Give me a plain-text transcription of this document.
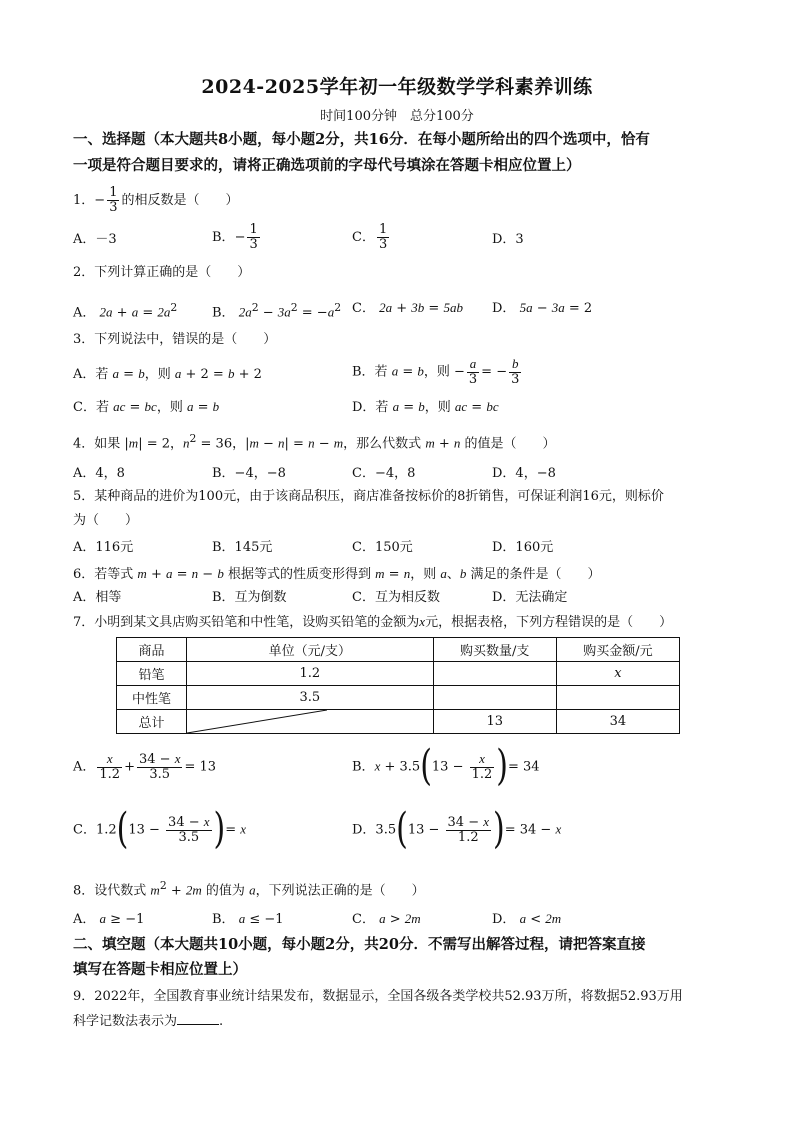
2024-2025学年初一年级数学学科素养训练
时间100分钟　总分100分
一、选择题（本大题共8小题，每小题2分，共16分．在每小题所给出的四个选项中，恰有
一项是符合题目要求的，请将正确选项前的字母代号填涂在答题卡相应位置上）
1．− $\frac{1}{3}$ 的相反数是（　　）
A．－3	B．− $\frac{1}{3}$	C． $\frac{1}{3}$	D．3
2．下列计算正确的是（　　）
A． $2a + a = 2a^2$	B． $2a^2 - 3a^2 = -a^2$ C． 2a + 3b = 5ab D． 5a − 3a = 2
3．下列说法中，错误的是（　　）
A．若 a = b，则 a + 2 = b + 2	B．若 a = b，则 − $\frac{a}{3}$ = − $\frac{b}{3}$
C．若 ac = bc，则 a = b	D．若 a = b，则 ac = bc
4．如果 |m| = 2，$n^2 = 36$，|m − n| = n − m，那么代数式 m + n 的值是（　　）
A．4，8	B．−4，−8	C．−4，8	D．4，−8
5．某种商品的进价为100元，由于该商品积压，商店准备按标价的8折销售，可保证利润16元，则标价
为（　　）
A．116元	B．145元	C．150元	D．160元
6．若等式 m + a = n − b 根据等式的性质变形得到 m = n，则 a、b 满足的条件是（　　）
A．相等	B．互为倒数	C．互为相反数	D．无法确定
7．小明到某文具店购买铅笔和中性笔，设购买铅笔的金额为x元，根据表格，下列方程错误的是（　　）
商品	单位（元/支）	购买数量/支	购买金额/元
铅笔	1.2		x
中性笔	3.5		
总计		13	34
A． $\frac{x}{1.2} + \frac{34 - x}{3.5} = 13$	B．$x + 3.5(13 - \frac{x}{1.2}$ )= 34
C．$1.2(13 - \frac{34 - x}{3.5}$ )= x	D．$3.5(13 - \frac{34 - x}{1.2}$ )= 34 − x
8．设代数式 $m^2 + 2m$ 的值为 a，下列说法正确的是（　　）
A． a ≥ −1	B． a ≤ −1	C． a > 2m	D． a < 2m
二、填空题（本大题共10小题，每小题2分，共20分．不需写出解答过程，请把答案直接
填写在答题卡相应位置上）
9．2022年，全国教育事业统计结果发布，数据显示，全国各级各类学校共52.93万所，将数据52.93万用
科学记数法表示为	.
